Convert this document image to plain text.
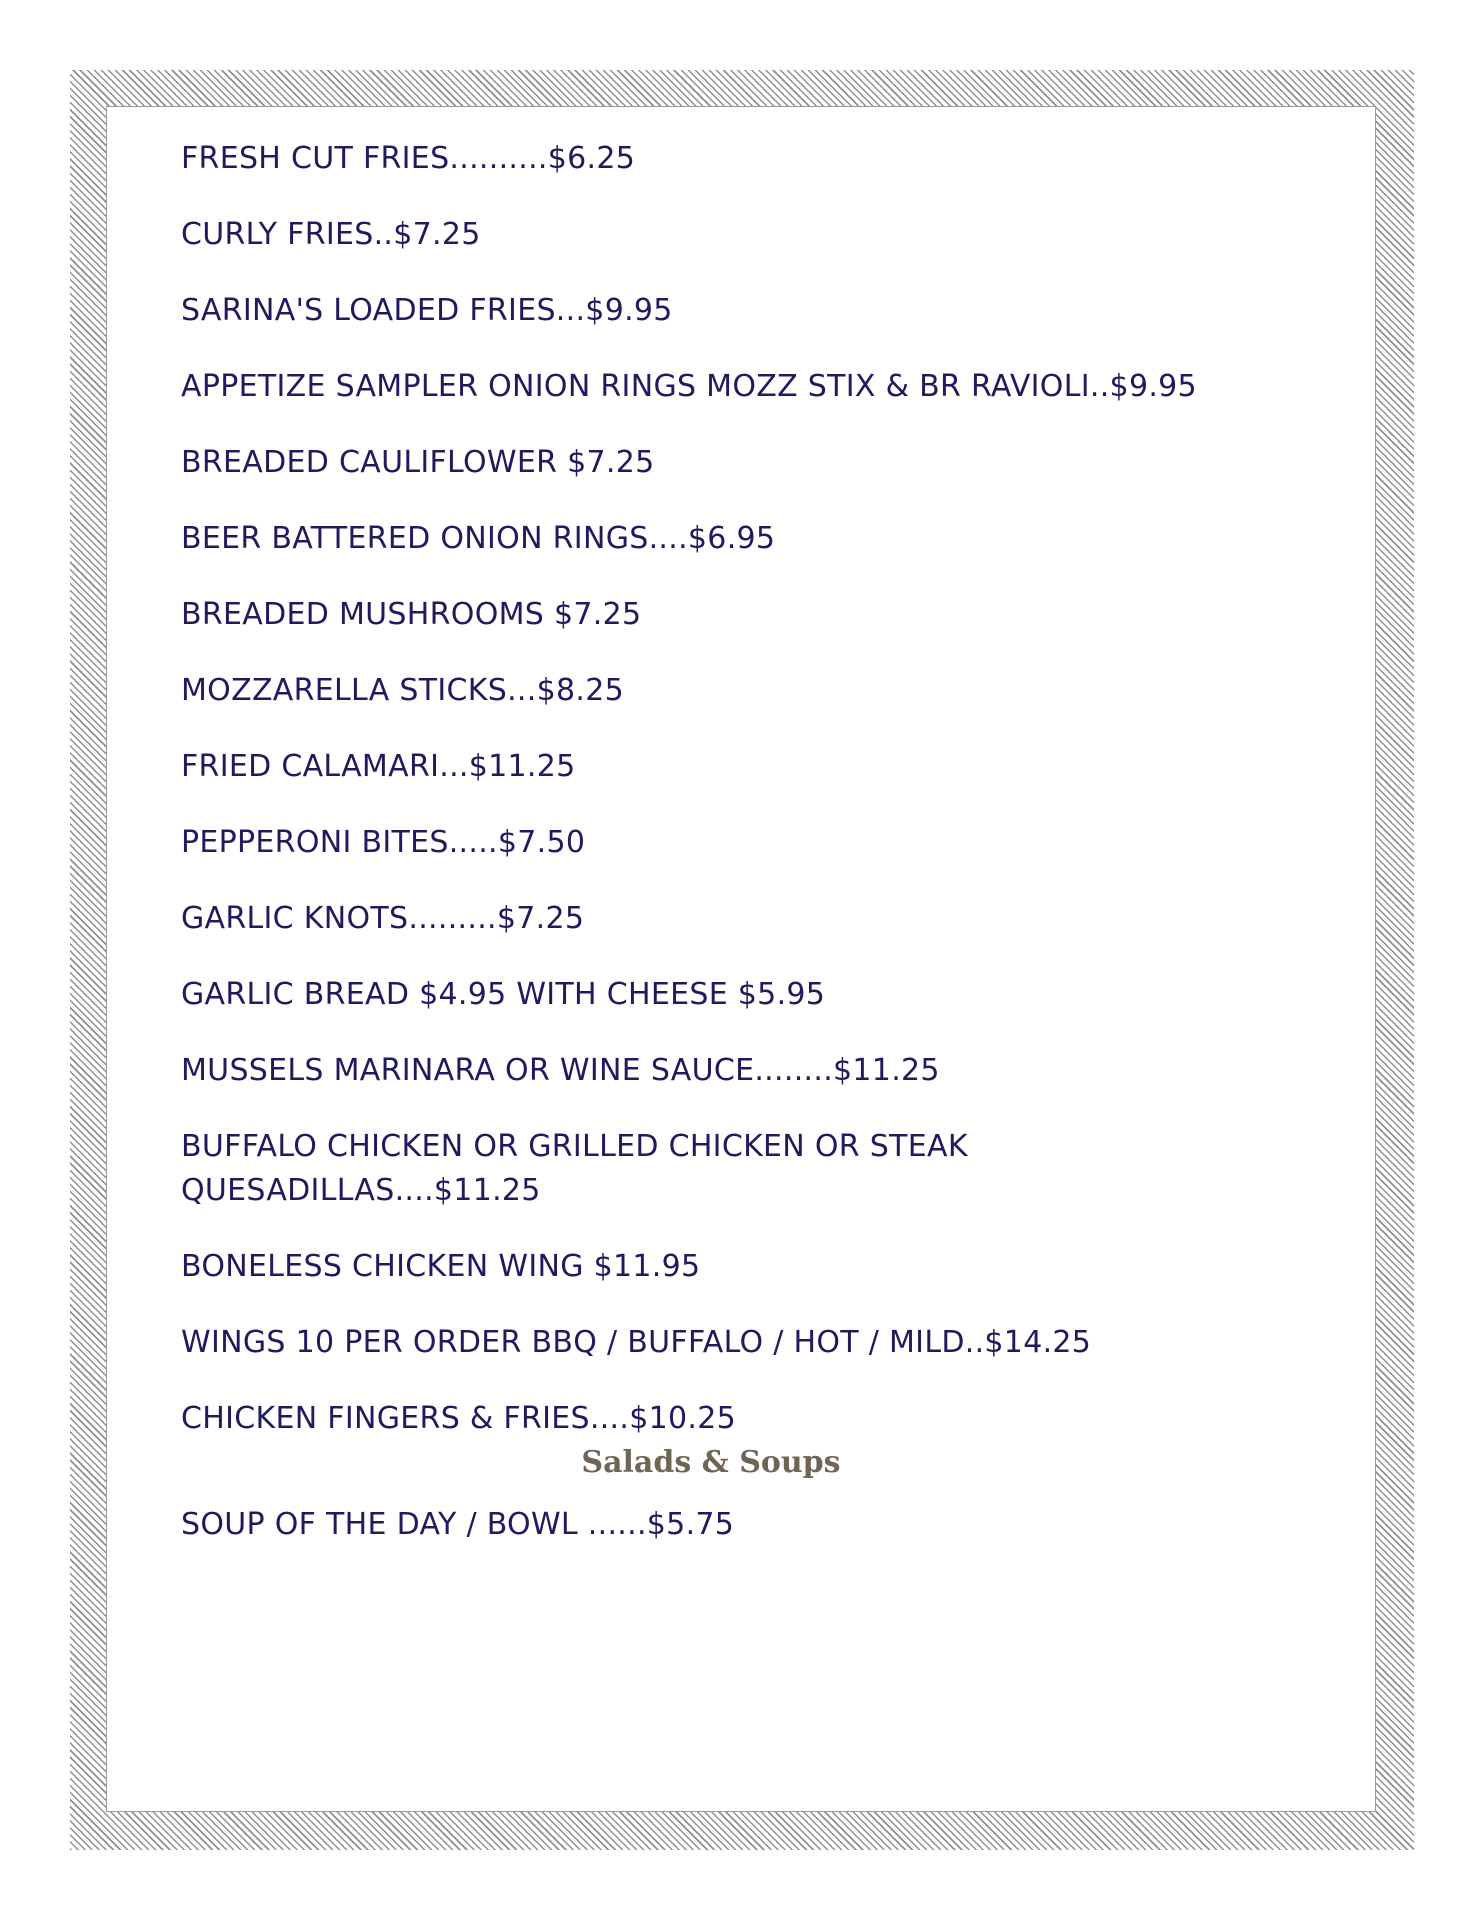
FRESH CUT FRIES..........$6.25
CURLY FRIES..$7.25
SARINA'S LOADED FRIES...$9.95
APPETIZE SAMPLER ONION RINGS MOZZ STIX & BR RAVIOLI..$9.95
BREADED CAULIFLOWER $7.25
BEER BATTERED ONION RINGS....$6.95
BREADED MUSHROOMS $7.25
MOZZARELLA STICKS...$8.25
FRIED CALAMARI...$11.25
PEPPERONI BITES.....$7.50
GARLIC KNOTS.........$7.25
GARLIC BREAD $4.95 WITH CHEESE $5.95
MUSSELS MARINARA OR WINE SAUCE........$11.25
BUFFALO CHICKEN OR GRILLED CHICKEN OR STEAK QUESADILLAS....$11.25
BONELESS CHICKEN WING $11.95
WINGS 10 PER ORDER BBQ / BUFFALO / HOT / MILD..$14.25
CHICKEN FINGERS & FRIES....$10.25
Salads & Soups
SOUP OF THE DAY / BOWL ......$5.75
